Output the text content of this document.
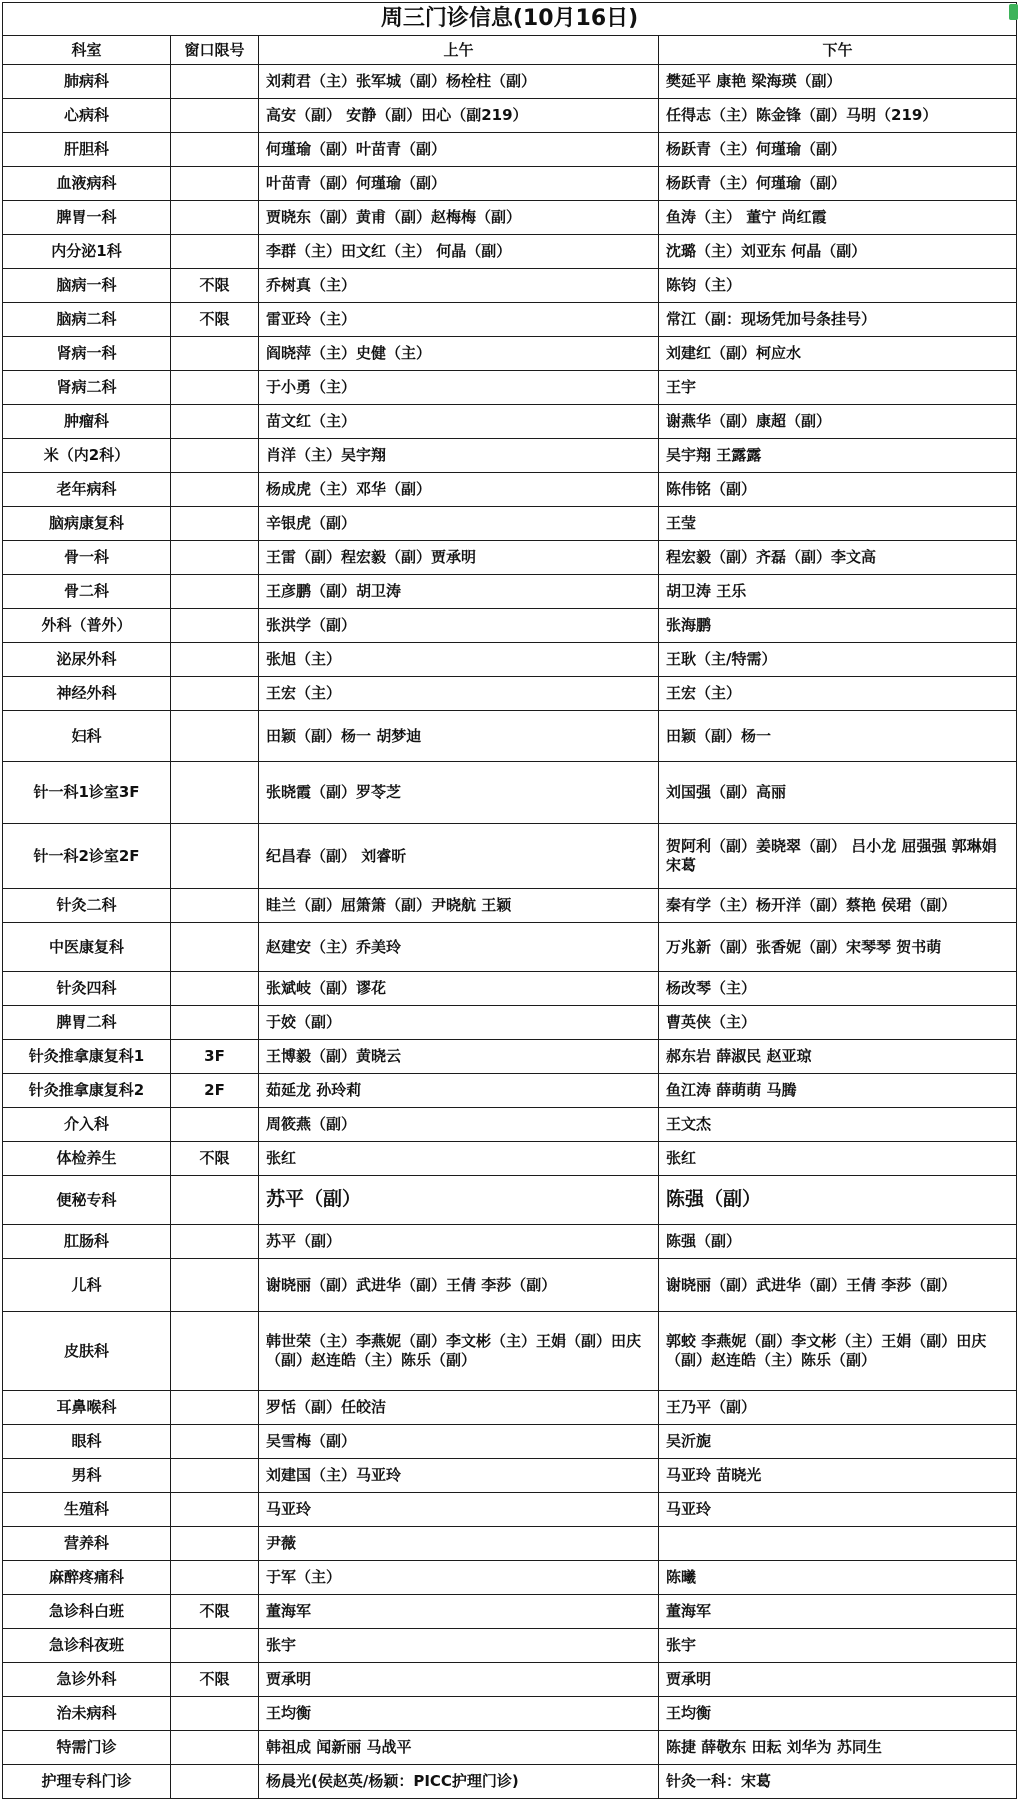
周三门诊信息(10月16日)			
科室	窗口限号	上午	下午
肺病科		刘莉君（主）张军城（副）杨栓柱（副）	樊延平 康艳 梁海瑛（副）
心病科		高安（副） 安静（副）田心（副219）	任得志（主）陈金锋（副）马明（219）
肝胆科		何瑾瑜（副）叶苗青（副）	杨跃青（主）何瑾瑜（副）
血液病科		叶苗青（副）何瑾瑜（副）	杨跃青（主）何瑾瑜（副）
脾胃一科		贾晓东（副）黄甫（副）赵梅梅（副）	鱼涛（主） 董宁 尚红霞
内分泌1科		李群（主）田文红（主） 何晶（副）	沈璐（主）刘亚东 何晶（副）
脑病一科	不限	乔树真（主）	陈钧（主）
脑病二科	不限	雷亚玲（主）	常江（副：现场凭加号条挂号）
肾病一科		阎晓萍（主）史健（主）	刘建红（副）柯应水
肾病二科		于小勇（主）	王宇
肿瘤科		苗文红（主）	谢燕华（副）康超（副）
米（内2科）		肖洋（主）吴宇翔	吴宇翔 王露露
老年病科		杨成虎（主）邓华（副）	陈伟铭（副）
脑病康复科		辛银虎（副）	王莹
骨一科		王雷（副）程宏毅（副）贾承明	程宏毅（副）齐磊（副）李文高
骨二科		王彦鹏（副）胡卫涛	胡卫涛 王乐
外科（普外）		张洪学（副）	张海鹏
泌尿外科		张旭（主）	王耿（主/特需）
神经外科		王宏（主）	王宏（主）
妇科		田颖（副）杨一 胡梦迪	田颖（副）杨一
针一科1诊室3F		张晓霞（副）罗苓芝	刘国强（副）高丽
针一科2诊室2F		纪昌春（副） 刘睿昕	贺阿利（副）姜晓翠（副） 吕小龙 屈强强 郭琳娟 宋葛
针灸二科		眭兰（副）屈箫箫（副）尹晓航 王颖	秦有学（主）杨开洋（副）蔡艳 侯珺（副）
中医康复科		赵建安（主）乔美玲	万兆新（副）张香妮（副）宋琴琴 贺书萌
针灸四科		张斌岐（副）谬花	杨改琴（主）
脾胃二科		于姣（副）	曹英侠（主）
针灸推拿康复科1	3F	王博毅（副）黄晓云	郝东岩 薛淑民 赵亚琼
针灸推拿康复科2	2F	茹延龙 孙玲莉	鱼江涛 薛萌萌 马腾
介入科		周筱燕（副）	王文杰
体检养生	不限	张红	张红
便秘专科		苏平（副）	陈强（副）
肛肠科		苏平（副）	陈强（副）
儿科		谢晓丽（副）武进华（副）王倩 李莎（副）	谢晓丽（副）武进华（副）王倩 李莎（副）
皮肤科		韩世荣（主）李燕妮（副）李文彬（主）王娟（副）田庆（副）赵连皓（主）陈乐（副）	郭蛟 李燕妮（副）李文彬（主）王娟（副）田庆（副）赵连皓（主）陈乐（副）
耳鼻喉科		罗恬（副）任皎洁	王乃平（副）
眼科		吴雪梅（副）	吴沂旎
男科		刘建国（主）马亚玲	马亚玲 苗晓光
生殖科		马亚玲	马亚玲
营养科		尹薇	
麻醉疼痛科		于军（主）	陈曦
急诊科白班	不限	董海军	董海军
急诊科夜班		张宇	张宇
急诊外科	不限	贾承明	贾承明
治未病科		王均衡	王均衡
特需门诊		韩祖成 闻新丽 马战平	陈捷 薛敬东 田耘 刘华为 苏同生
护理专科门诊		杨晨光(侯赵英/杨颖：PICC护理门诊)	针灸一科：宋葛
